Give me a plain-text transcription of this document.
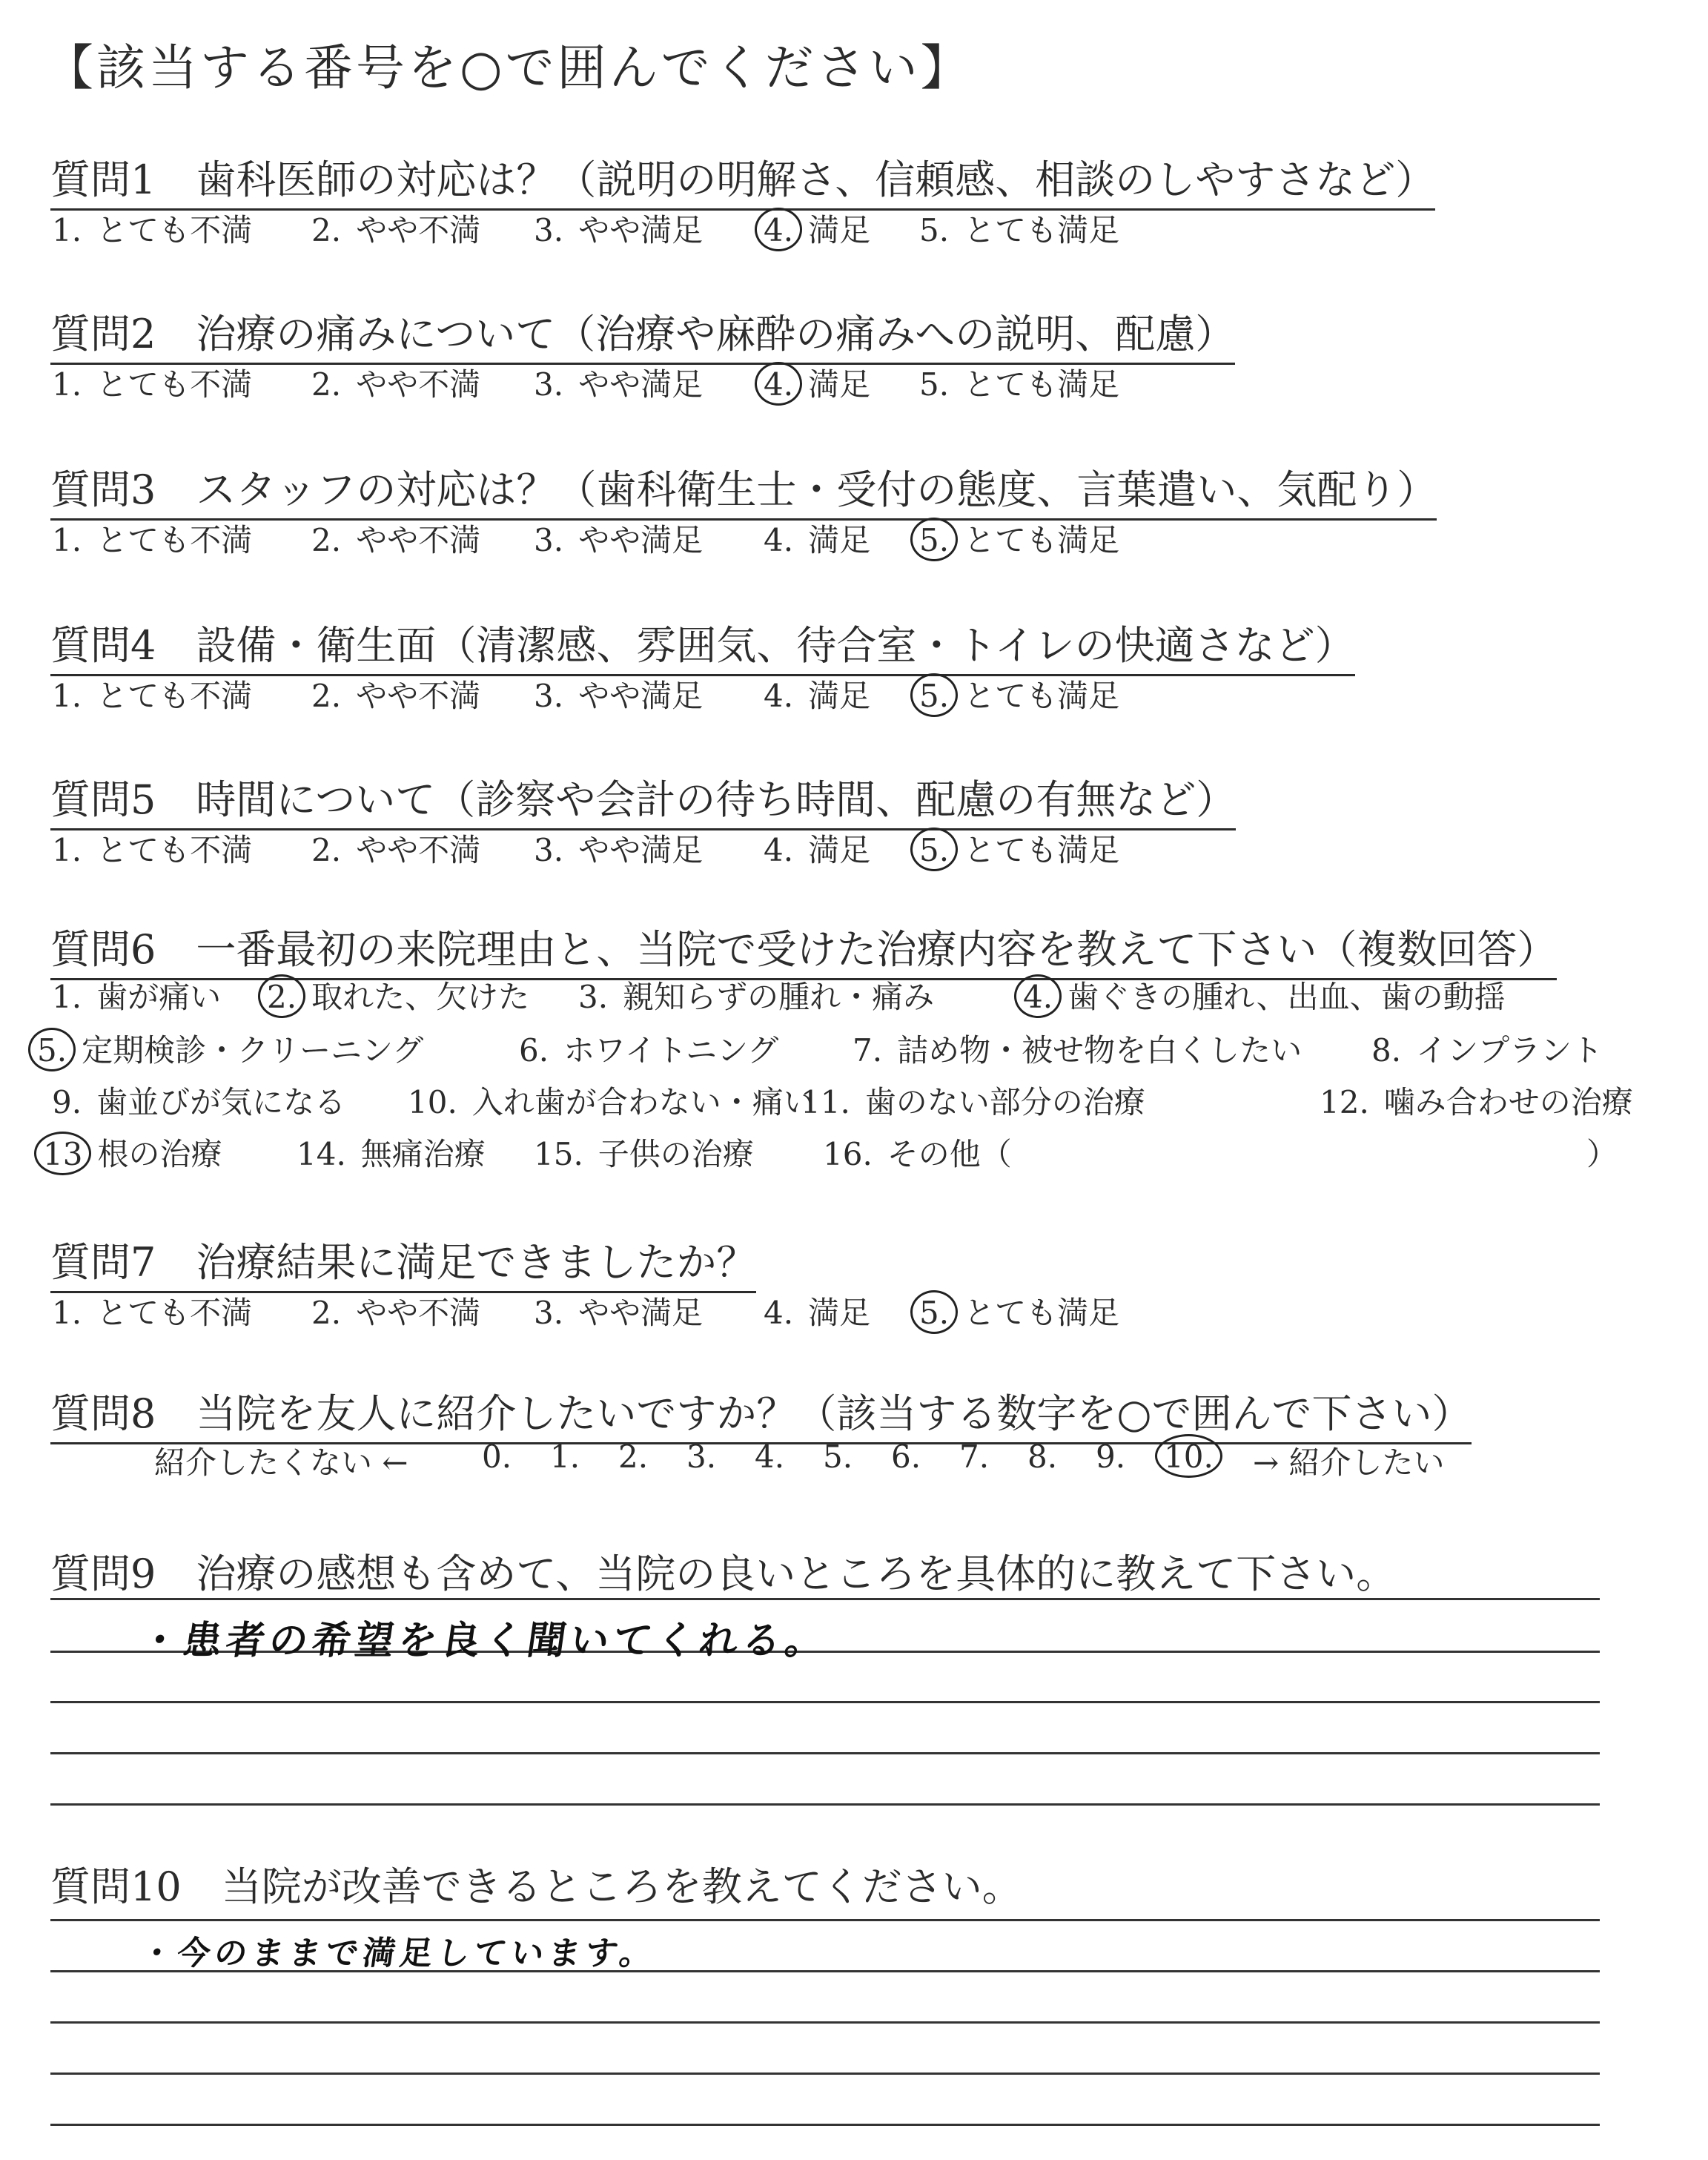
【該当する番号を○で囲んでください】
質問1　歯科医師の対応は？（説明の明解さ、信頼感、相談のしやすさなど）
1. とても不満 2. やや不満 3. やや満足 4. 満足 5. とても満足
質問2　治療の痛みについて（治療や麻酔の痛みへの説明、配慮）
1. とても不満 2. やや不満 3. やや満足 4. 満足 5. とても満足
質問3　スタッフの対応は？（歯科衛生士・受付の態度、言葉遣い、気配り）
1. とても不満 2. やや不満 3. やや満足 4. 満足 5. とても満足
質問4　設備・衛生面（清潔感、雰囲気、待合室・トイレの快適さなど）
1. とても不満 2. やや不満 3. やや満足 4. 満足 5. とても満足
質問5　時間について（診察や会計の待ち時間、配慮の有無など）
1. とても不満 2. やや不満 3. やや満足 4. 満足 5. とても満足
質問7　治療結果に満足できましたか？
1. とても不満 2. やや不満 3. やや満足 4. 満足 5. とても満足
質問6　一番最初の来院理由と、当院で受けた治療内容を教えて下さい（複数回答）
1. 歯が痛い 2. 取れた、欠けた 3. 親知らずの腫れ・痛み	4. 歯ぐきの腫れ、出血、歯の動揺
5. 定期検診・クリーニング	6. ホワイトニング 7. 詰め物・被せ物を白くしたい 8. インプラント
9. 歯並びが気になる 10. 入れ歯が合わない・痛い
11. 歯のない部分の治療	12. 噛み合わせの治療
13 根の治療 14. 無痛治療 15. 子供の治療 16. その他（	）
質問8　当院を友人に紹介したいですか？（該当する数字を○で囲んで下さい）
紹介したくない ← 0. 1. 2. 3. 4. 5. 6. 7. 8. 9. 10. → 紹介したい
質問9　治療の感想も含めて、当院の良いところを具体的に教えて下さい。
・患者の希望を良く聞いてくれる。
質問10　当院が改善できるところを教えてください。
・今のままで満足しています。
